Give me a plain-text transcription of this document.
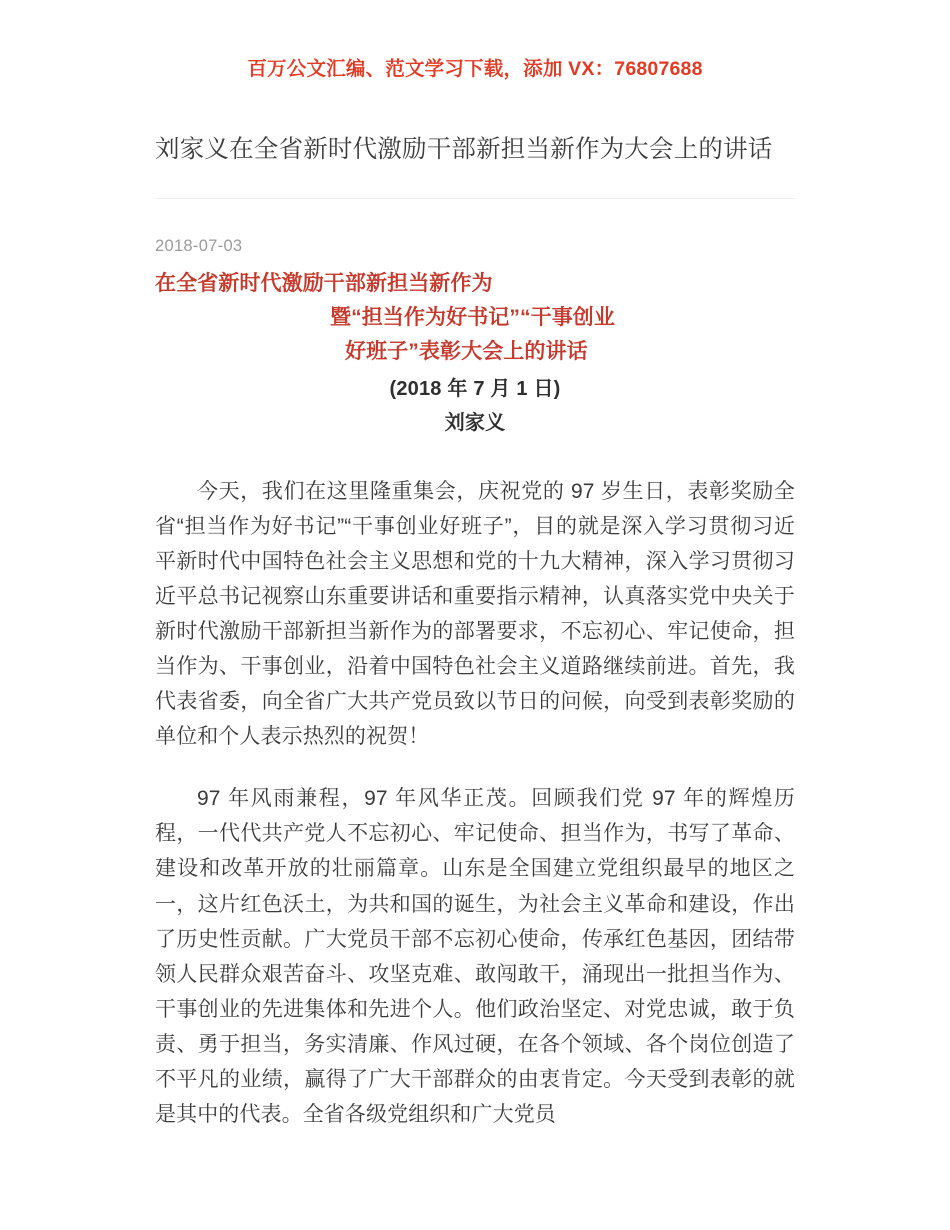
百万公文汇编、范文学习下载，添加 VX：76807688
刘家义在全省新时代激励干部新担当新作为大会上的讲话
2018-07-03
在全省新时代激励干部新担当新作为
暨“担当作为好书记”“干事创业
好班子”表彰大会上的讲话
(2018 年 7 月 1 日)
刘家义

今天，我们在这里隆重集会，庆祝党的 97 岁生日，表彰奖励全省“担当作为好书记”“干事创业好班子”，目的就是深入学习贯彻习近平新时代中国特色社会主义思想和党的十九大精神，深入学习贯彻习近平总书记视察山东重要讲话和重要指示精神，认真落实党中央关于新时代激励干部新担当新作为的部署要求，不忘初心、牢记使命，担当作为、干事创业，沿着中国特色社会主义道路继续前进。首先，我代表省委，向全省广大共产党员致以节日的问候，向受到表彰奖励的单位和个人表示热烈的祝贺！

97 年风雨兼程，97 年风华正茂。回顾我们党 97 年的辉煌历程，一代代共产党人不忘初心、牢记使命、担当作为，书写了革命、建设和改革开放的壮丽篇章。山东是全国建立党组织最早的地区之一，这片红色沃土，为共和国的诞生，为社会主义革命和建设，作出了历史性贡献。广大党员干部不忘初心使命，传承红色基因，团结带领人民群众艰苦奋斗、攻坚克难、敢闯敢干，涌现出一批担当作为、干事创业的先进集体和先进个人。他们政治坚定、对党忠诚，敢于负责、勇于担当，务实清廉、作风过硬，在各个领域、各个岗位创造了不平凡的业绩，赢得了广大干部群众的由衷肯定。今天受到表彰的就是其中的代表。全省各级党组织和广大党员
